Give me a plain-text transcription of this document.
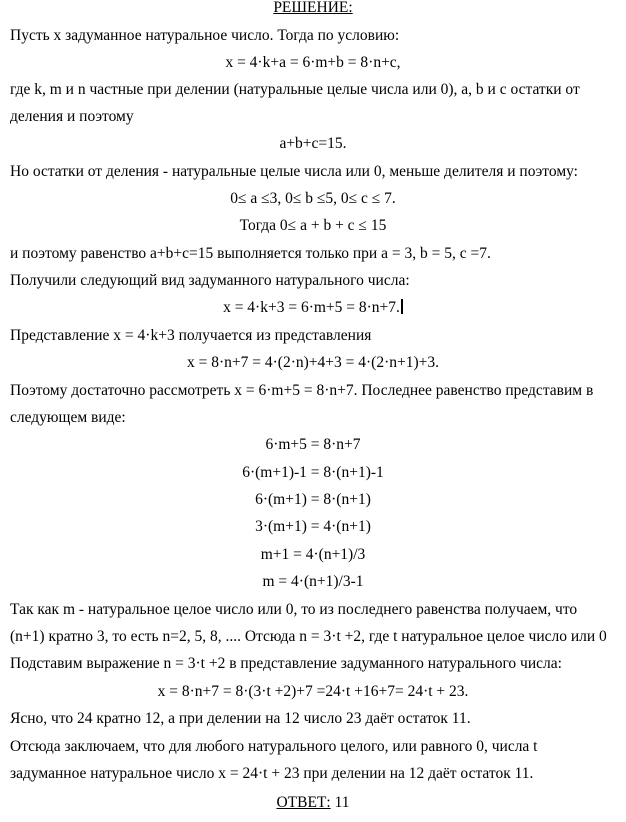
РЕШЕНИЕ:
Пусть x задуманное натуральное число. Тогда по условию:
x = 4·k+a = 6·m+b = 8·n+c,
где k, m и n частные при делении (натуральные целые числа или 0), a, b и c остатки от
деления и поэтому
a+b+c=15.
Но остатки от деления - натуральные целые числа или 0, меньше делителя и поэтому:
0≤ a ≤3, 0≤ b ≤5, 0≤ c ≤ 7.
Тогда 0≤ a + b + c ≤ 15
и поэтому равенство a+b+c=15 выполняется только при a = 3, b = 5, c =7.
Получили следующий вид задуманного натурального числа:
x = 4·k+3 = 6·m+5 = 8·n+7.
Представление x = 4·k+3 получается из представления
x = 8·n+7 = 4·(2·n)+4+3 = 4·(2·n+1)+3.
Поэтому достаточно рассмотреть x = 6·m+5 = 8·n+7. Последнее равенство представим в
следующем виде:
6·m+5 = 8·n+7
6·(m+1)-1 = 8·(n+1)-1
6·(m+1) = 8·(n+1)
3·(m+1) = 4·(n+1)
m+1 = 4·(n+1)/3
m = 4·(n+1)/3-1
Так как m - натуральное целое число или 0, то из последнего равенства получаем, что
(n+1) кратно 3, то есть n=2, 5, 8, .... Отсюда n = 3·t +2, где t натуральное целое число или 0
Подставим выражение n = 3·t +2 в представление задуманного натурального числа:
x = 8·n+7 = 8·(3·t +2)+7 =24·t +16+7= 24·t + 23.
Ясно, что 24 кратно 12, а при делении на 12 число 23 даёт остаток 11.
Отсюда заключаем, что для любого натурального целого, или равного 0, числа t
задуманное натуральное число x = 24·t + 23 при делении на 12 даёт остаток 11.
ОТВЕТ: 11
